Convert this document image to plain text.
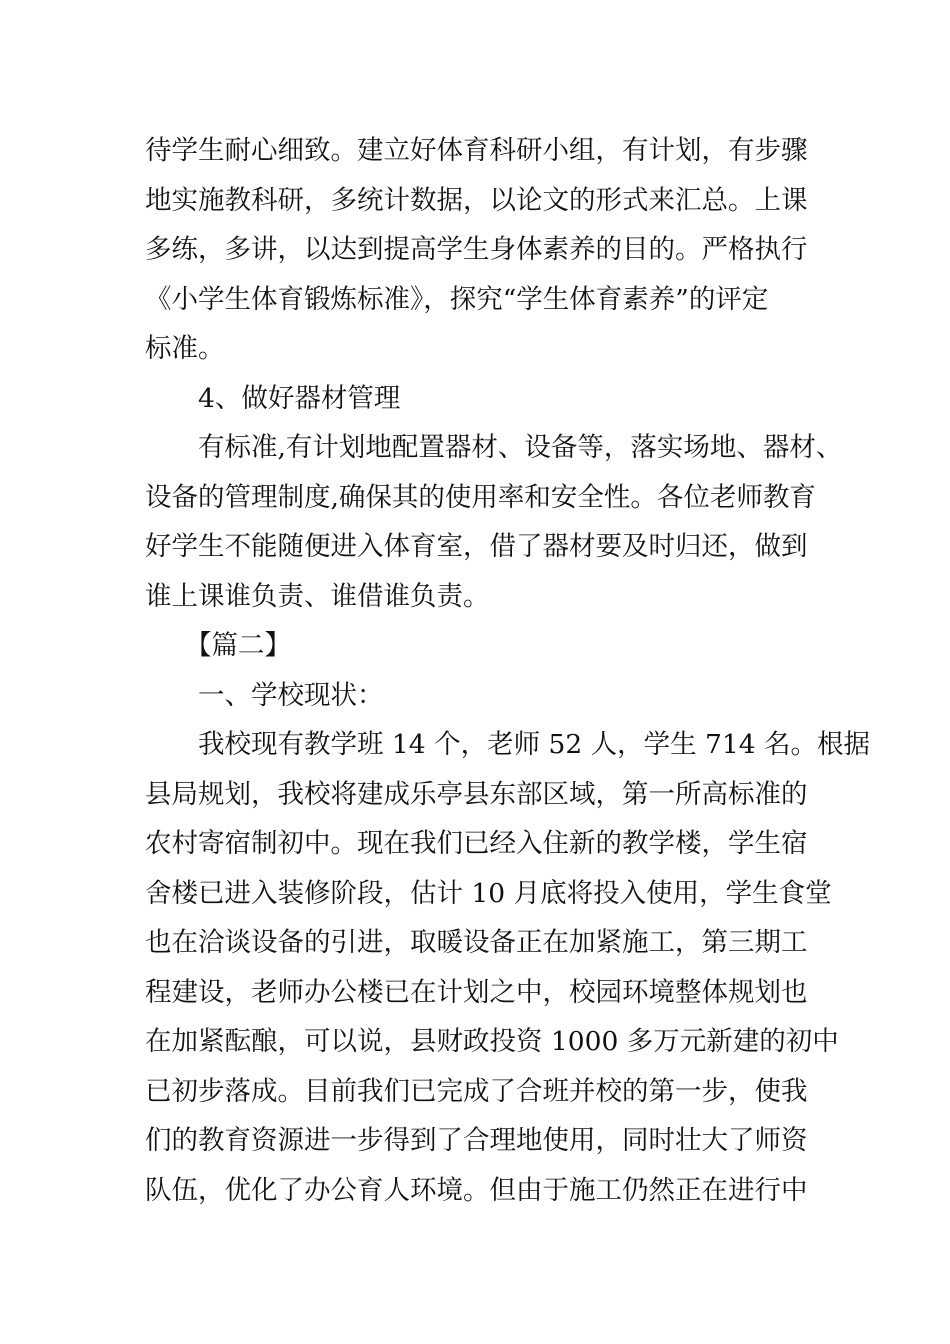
待学生耐心细致。建立好体育科研小组，有计划，有步骤
地实施教科研，多统计数据，以论文的形式来汇总。上课
多练，多讲，以达到提高学生身体素养的目的。严格执行
《小学生体育锻炼标准》，探究“学生体育素养”的评定
标准。
4、做好器材管理
有标准,有计划地配置器材、设备等，落实场地、器材、
设备的管理制度,确保其的使用率和安全性。各位老师教育
好学生不能随便进入体育室，借了器材要及时归还，做到
谁上课谁负责、谁借谁负责。
【篇二】
一、学校现状：
我校现有教学班 14 个，老师 52 人，学生 714 名。根据
县局规划，我校将建成乐亭县东部区域，第一所高标准的
农村寄宿制初中。现在我们已经入住新的教学楼，学生宿
舍楼已进入装修阶段，估计 10 月底将投入使用，学生食堂
也在洽谈设备的引进，取暖设备正在加紧施工，第三期工
程建设，老师办公楼已在计划之中，校园环境整体规划也
在加紧酝酿，可以说，县财政投资 1000 多万元新建的初中
已初步落成。目前我们已完成了合班并校的第一步，使我
们的教育资源进一步得到了合理地使用，同时壮大了师资
队伍，优化了办公育人环境。但由于施工仍然正在进行中
